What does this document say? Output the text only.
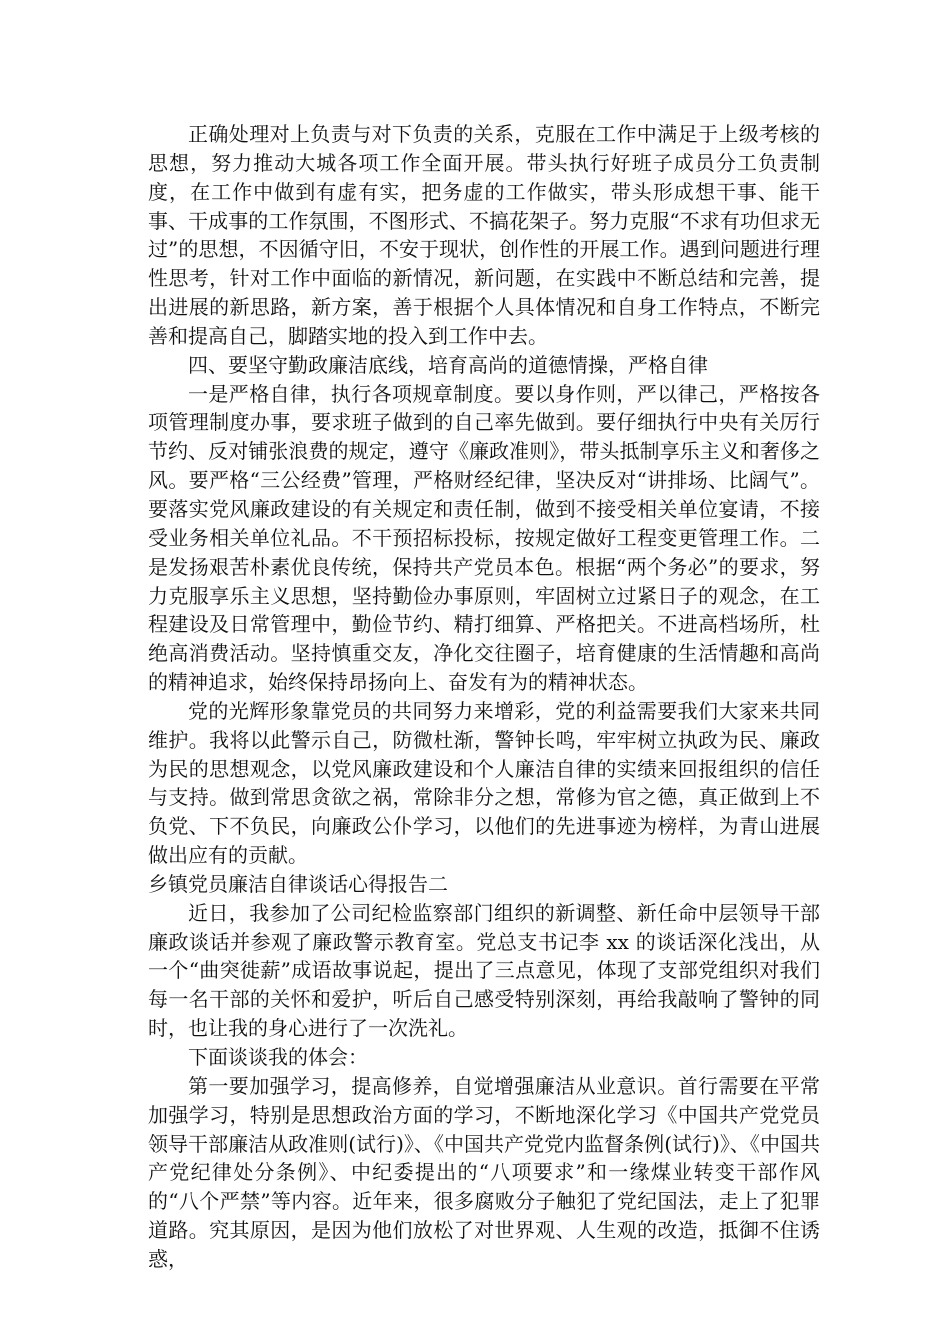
正确处理对上负责与对下负责的关系，克服在工作中满足于上级考核的思想，努力推动大城各项工作全面开展。带头执行好班子成员分工负责制度，在工作中做到有虚有实，把务虚的工作做实，带头形成想干事、能干事、干成事的工作氛围，不图形式、不搞花架子。努力克服“不求有功但求无过”的思想，不因循守旧，不安于现状，创作性的开展工作。遇到问题进行理性思考，针对工作中面临的新情况，新问题，在实践中不断总结和完善，提出进展的新思路，新方案，善于根据个人具体情况和自身工作特点，不断完善和提高自己，脚踏实地的投入到工作中去。

四、要坚守勤政廉洁底线，培育高尚的道德情操，严格自律

一是严格自律，执行各项规章制度。要以身作则，严以律己，严格按各项管理制度办事，要求班子做到的自己率先做到。要仔细执行中央有关厉行节约、反对铺张浪费的规定，遵守《廉政准则》，带头抵制享乐主义和奢侈之风。要严格“三公经费”管理，严格财经纪律，坚决反对“讲排场、比阔气”。要落实党风廉政建设的有关规定和责任制，做到不接受相关单位宴请，不接受业务相关单位礼品。不干预招标投标，按规定做好工程变更管理工作。二是发扬艰苦朴素优良传统，保持共产党员本色。根据“两个务必”的要求，努力克服享乐主义思想，坚持勤俭办事原则，牢固树立过紧日子的观念，在工程建设及日常管理中，勤俭节约、精打细算、严格把关。不进高档场所，杜绝高消费活动。坚持慎重交友，净化交往圈子，培育健康的生活情趣和高尚的精神追求，始终保持昂扬向上、奋发有为的精神状态。

党的光辉形象靠党员的共同努力来增彩，党的利益需要我们大家来共同维护。我将以此警示自己，防微杜渐，警钟长鸣，牢牢树立执政为民、廉政为民的思想观念，以党风廉政建设和个人廉洁自律的实绩来回报组织的信任与支持。做到常思贪欲之祸，常除非分之想，常修为官之德，真正做到上不负党、下不负民，向廉政公仆学习，以他们的先进事迹为榜样，为青山进展做出应有的贡献。

乡镇党员廉洁自律谈话心得报告二

近日，我参加了公司纪检监察部门组织的新调整、新任命中层领导干部廉政谈话并参观了廉政警示教育室。党总支书记李 xx 的谈话深化浅出，从一个“曲突徙薪”成语故事说起，提出了三点意见，体现了支部党组织对我们每一名干部的关怀和爱护，听后自己感受特别深刻，再给我敲响了警钟的同时，也让我的身心进行了一次洗礼。

下面谈谈我的体会：

第一要加强学习，提高修养，自觉增强廉洁从业意识。首行需要在平常加强学习，特别是思想政治方面的学习，不断地深化学习《中国共产党党员领导干部廉洁从政准则(试行)》、《中国共产党党内监督条例(试行)》、《中国共产党纪律处分条例》、中纪委提出的“八项要求”和一缘煤业转变干部作风的“八个严禁”等内容。近年来，很多腐败分子触犯了党纪国法，走上了犯罪道路。究其原因，是因为他们放松了对世界观、人生观的改造，抵御不住诱惑，
